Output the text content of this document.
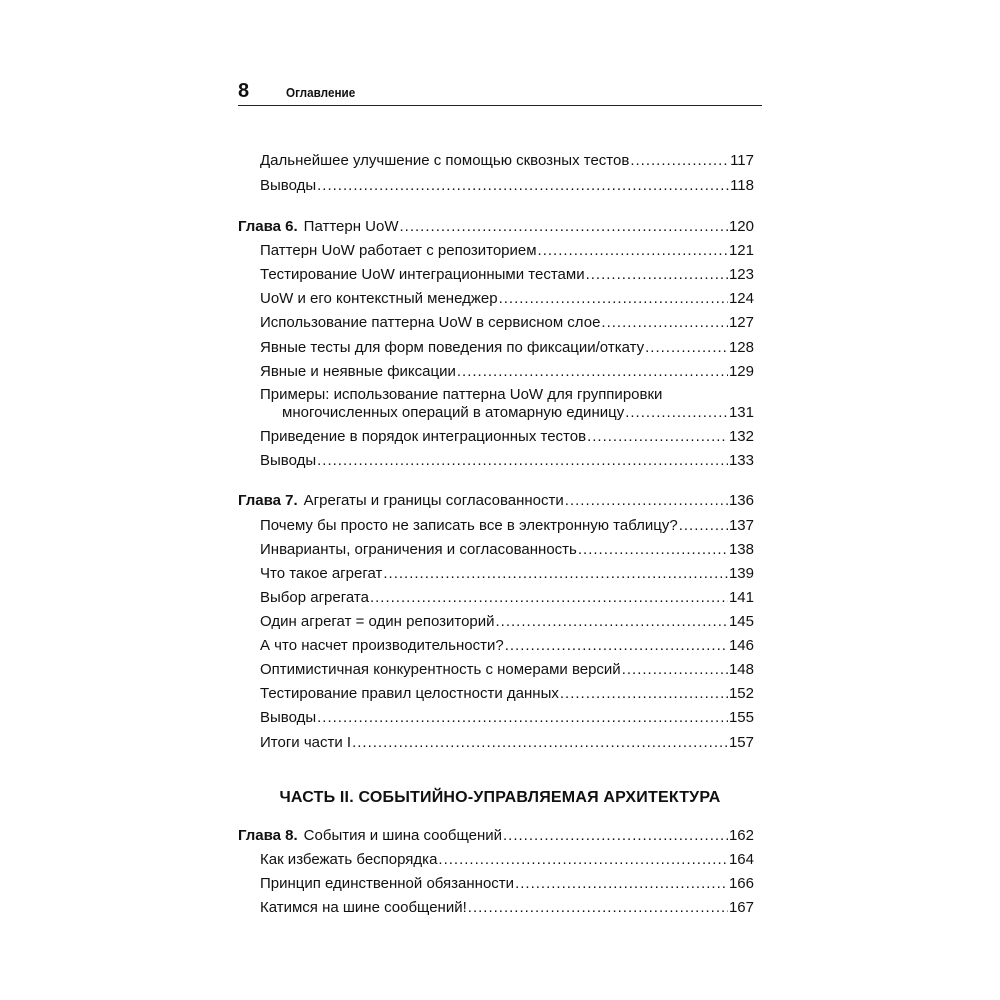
8	Оглавление
Дальнейшее улучшение с помощью сквозных тестов .....	117
Выводы .....	118
Глава 6. Паттерн UoW .....	120
Паттерн UoW работает с репозиторием .....	121
Тестирование UoW интеграционными тестами .....	123
UoW и его контекстный менеджер .....	124
Использование паттерна UoW в сервисном слое .....	127
Явные тесты для форм поведения по фиксации/откату .....	128
Явные и неявные фиксации .....	129
Примеры: использование паттерна UoW для группировки
многочисленных операций в атомарную единицу .....	131
Приведение в порядок интеграционных тестов .....	132
Выводы .....	133
Глава 7. Агрегаты и границы согласованности .....	136
Почему бы просто не записать все в электронную таблицу? .....	137
Инварианты, ограничения и согласованность .....	138
Что такое агрегат .....	139
Выбор агрегата .....	141
Один агрегат = один репозиторий .....	145
А что насчет производительности? .....	146
Оптимистичная конкурентность с номерами версий .....	148
Тестирование правил целостности данных .....	152
Выводы .....	155
Итоги части I .....	157
ЧАСТЬ II. СОБЫТИЙНО-УПРАВЛЯЕМАЯ АРХИТЕКТУРА
Глава 8. События и шина сообщений .....	162
Как избежать беспорядка .....	164
Принцип единственной обязанности .....	166
Катимся на шине сообщений! .....	167
